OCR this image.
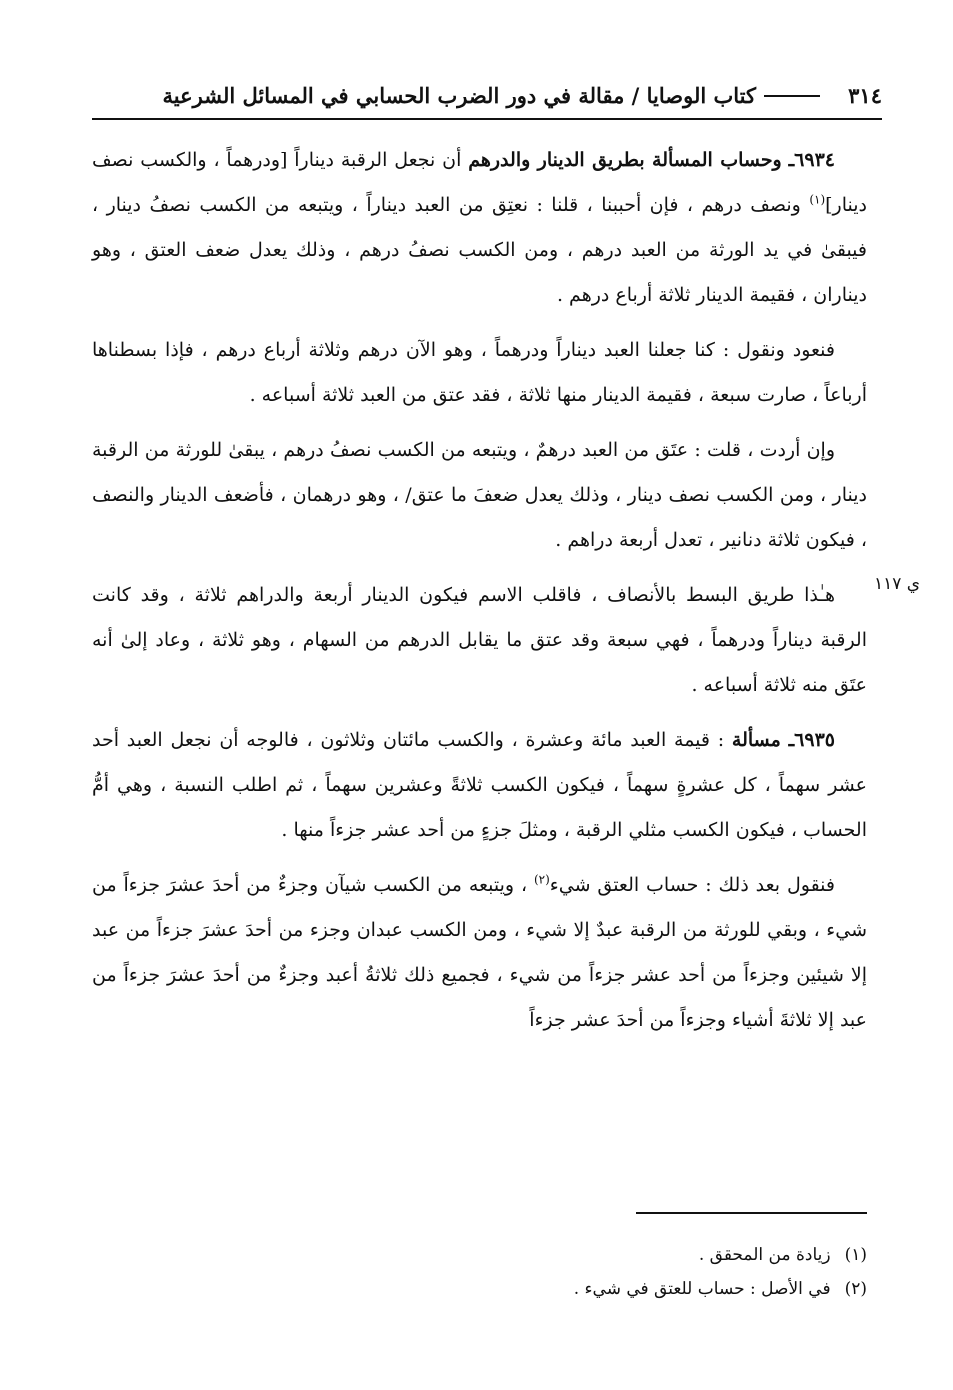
٣١٤
كتاب الوصايا / مقالة في دور الضرب الحسابي في المسائل الشرعية
ي ١١٧

٦٩٣٤ـ وحساب المسألة بطريق الدينار والدرهم أن نجعل الرقبة ديناراً [ودرهماً ، والكسب نصف دينار]$^{(١)}$ ونصف درهم ، فإن أحببنا ، قلنا : نعتِق من العبد ديناراً ، ويتبعه من الكسب نصفُ دينار ، فيبقىٰ في يد الورثة من العبد درهم ، ومن الكسب نصفُ درهم ، وذلك يعدل ضعف العتق ، وهو ديناران ، فقيمة الدينار ثلاثة أرباع درهم .

فنعود ونقول : كنا جعلنا العبد ديناراً ودرهماً ، وهو الآن درهم وثلاثة أرباع درهم ، فإذا بسطناها أرباعاً ، صارت سبعة ، فقيمة الدينار منها ثلاثة ، فقد عتق من العبد ثلاثة أسباعه .

وإن أردت ، قلت : عتَق من العبد درهمٌ ، ويتبعه من الكسب نصفُ درهم ، يبقىٰ للورثة من الرقبة دينار ، ومن الكسب نصف دينار ، وذلك يعدل ضعفَ ما عتق/ ، وهو درهمان ، فأضعف الدينار والنصف ، فيكون ثلاثة دنانير ، تعدل أربعة دراهم .

هـٰذا طريق البسط بالأنصاف ، فاقلب الاسم فيكون الدينار أربعة والدراهم ثلاثة ، وقد كانت الرقبة ديناراً ودرهماً ، فهي سبعة وقد عتق ما يقابل الدرهم من السهام ، وهو ثلاثة ، وعاد إلىٰ أنه عتَق منه ثلاثة أسباعه .

٦٩٣٥ـ مسألة : قيمة العبد مائة وعشرة ، والكسب مائتان وثلاثون ، فالوجه أن نجعل العبد أحد عشر سهماً ، كل عشرةٍ سهماً ، فيكون الكسب ثلاثةً وعشرين سهماً ، ثم اطلب النسبة ، وهي أمُّ الحساب ، فيكون الكسب مثلي الرقبة ، ومثلَ جزءٍ من أحد عشر جزءاً منها .

فنقول بعد ذلك : حساب العتق شيء$^{(٢)}$ ، ويتبعه من الكسب شيآن وجزءٌ من أحدَ عشرَ جزءاً من شيء ، وبقي للورثة من الرقبة عبدٌ إلا شيء ، ومن الكسب عبدان وجزء من أحدَ عشرَ جزءاً من عبد إلا شيئين وجزءاً من أحد عشر جزءاً من شيء ، فجميع ذلك ثلاثةُ أعبد وجزءٌ من أحدَ عشرَ جزءاً من عبد إلا ثلاثةَ أشياء وجزءاً من أحدَ عشر جزءاً

(١)زيادة من المحقق .
(٢)في الأصل : حساب للعتق في شيء .
